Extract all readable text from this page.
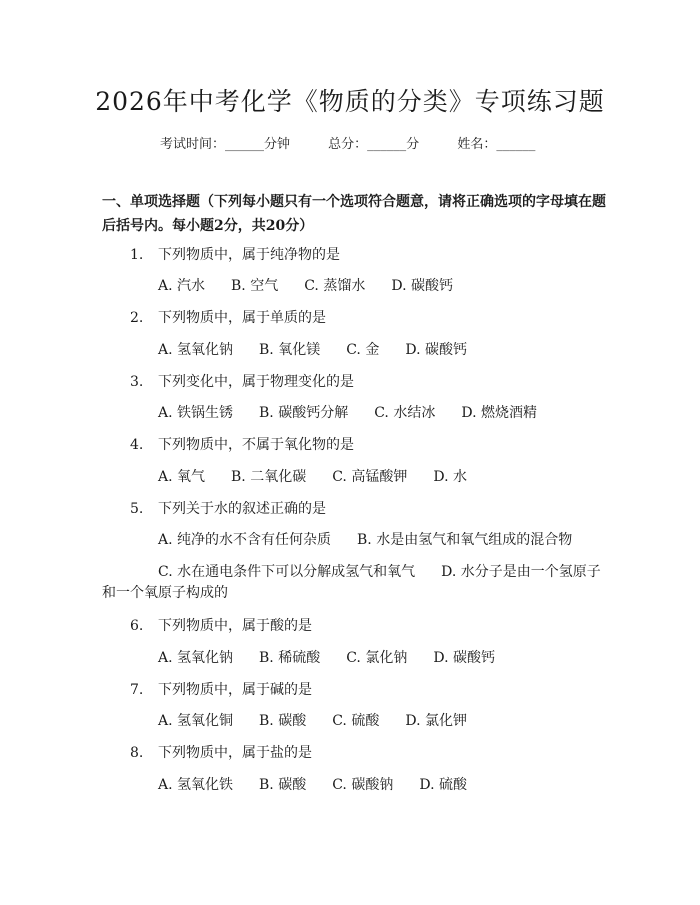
2026年中考化学《物质的分类》专项练习题
考试时间：______分钟	总分：______分	姓名：______
一、单项选择题（下列每小题只有一个选项符合题意，请将正确选项的字母填在题后括号内。每小题2分，共20分）
1. 下列物质中，属于纯净物的是
A. 汽水 B. 空气 C. 蒸馏水 D. 碳酸钙
2. 下列物质中，属于单质的是
A. 氢氧化钠 B. 氧化镁 C. 金 D. 碳酸钙
3. 下列变化中，属于物理变化的是
A. 铁锅生锈 B. 碳酸钙分解 C. 水结冰 D. 燃烧酒精
4. 下列物质中，不属于氧化物的是
A. 氧气 B. 二氧化碳 C. 高锰酸钾 D. 水
5. 下列关于水的叙述正确的是
A. 纯净的水不含有任何杂质 B. 水是由氢气和氧气组成的混合物
C. 水在通电条件下可以分解成氢气和氧气 D. 水分子是由一个氢原子
和一个氧原子构成的
6. 下列物质中，属于酸的是
A. 氢氧化钠 B. 稀硫酸 C. 氯化钠 D. 碳酸钙
7. 下列物质中，属于碱的是
A. 氢氧化铜 B. 碳酸 C. 硫酸 D. 氯化钾
8. 下列物质中，属于盐的是
A. 氢氧化铁 B. 碳酸 C. 碳酸钠 D. 硫酸
